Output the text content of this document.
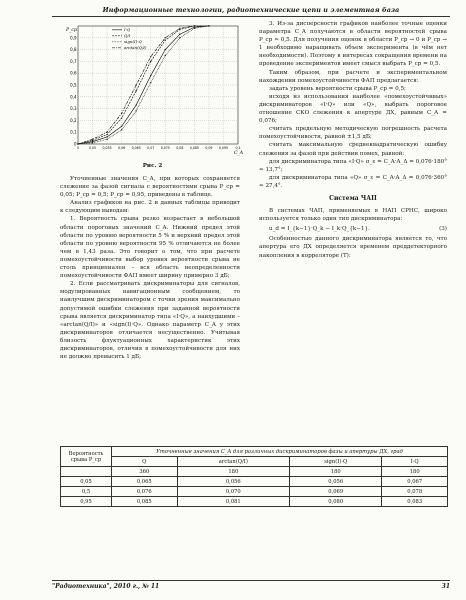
Информационные технологии, радиотехнические цепи и элементная база
0,9
0,8
0,7
0,6
0,5
0,4
0,3
0,2
0,1
0
0	0,05 0,055 0,06 0,065 0,07 0,075 0,08 0,085 0,09 0,095 0,1
P_ср
C_A
I·Q
Q/I
sign(I)·Q
arctan(Q/I)
Рис. 2

Уточненные значения C_A, при которых сохраняется слежение за фазой сигнала с вероятностями срыва P_ср = 0,05; P_ср = 0,5; P_ср = 0,95, приведены в таблице.

Анализ графиков на рис. 2 и данных таблицы приводит к следующим выводам:

1. Вероятность срыва резко возрастает в небольшой области пороговых значений C_A. Нижний предел этой области по уровню вероятности 5 % и верхний предел этой области по уровню вероятности 95 % отличаются не более чем в 1,43 раза. Это говорит о том, что при расчете помехоустойчивости выбор уровня вероятности срыва не столь принципиален – вся область неопределенности помехоустойчивости ФАП имеет ширину примерно 3 дБ;

2. Если рассматривать дискриминаторы для сигналов, модулированных навигационным сообщением, то наилучшим дискриминатором с точки зрения максимально допустимой ошибки слежения при заданной вероятности срыва является дискриминатор типа «I·Q», а наихудшими – «arctan(Q/I)» и «sign(I)·Q». Однако параметр C_A у этих дискриминаторов отличается несущественно. Учитывая близость флуктуационных характеристик этих дискриминаторов, отличия в помехоустойчивости для них не должно превысить 1 дБ;

3. Из-за дисперсности графиков наиболее точные оценки параметра C_A получаются в области вероятностей срыва P_ср ≈ 0,5. Для получения оценок в области P_ср → 0 и P_ср → 1 необходимо наращивать объем эксперимента (в чём нет необходимости). Поэтому в интересах сокращения времени на проведение экспериментов имеет смысл выбрать P_ср = 0,5.

Таким образом, при расчете и экспериментальном нахождении помехоустойчивости ФАП предлагается:

задать уровень вероятности срыва P_ср = 0,5;

исходя из использования наиболее «помехоустойчивых» дискриминаторов «I·Q» или «Q», выбрать пороговое отношение СКО слежения к апертуре ДХ, равным C_A = 0,076;

считать предельную методическую погрешность расчета помехоустойчивости, равной ±1,5 дБ;

считать максимальную среднеквадратическую ошибку слежения за фазой при действии помех, равной:

для дискриминатора типа «I·Q» σ_ε = C_A·A_Δ = 0,076·180° ≈ 13,7°;

для дискриминатора типа «Q» σ_ε = C_A·A_Δ = 0,076·360° ≈ 27,4°.

Система ЧАП

В системах ЧАП, применяемых в НАП СРНС, широко используется только один тип дискриминатора:

u_d = I_{k−1}·Q_k − I_k·Q_{k−1}.	(3)

Особенностью данного дискриминатора является то, что апертура его ДХ определяется временем преддетекторного накопления в корреляторе (T):

Вероятность срыва P_ср	Уточненные значения C_A для различных дискриминаторов фазы и апертуры ДХ, град			
	Q	arctan(Q/I)	sign(I)·Q	I·Q
	360	180	180	180
0,05	0,065	0,056	0,056	0,067
0,5	0,076	0,070	0,069	0,078
0,95	0,085	0,081	0,080	0,083
"Радиотехника", 2010 г., № 11	31
